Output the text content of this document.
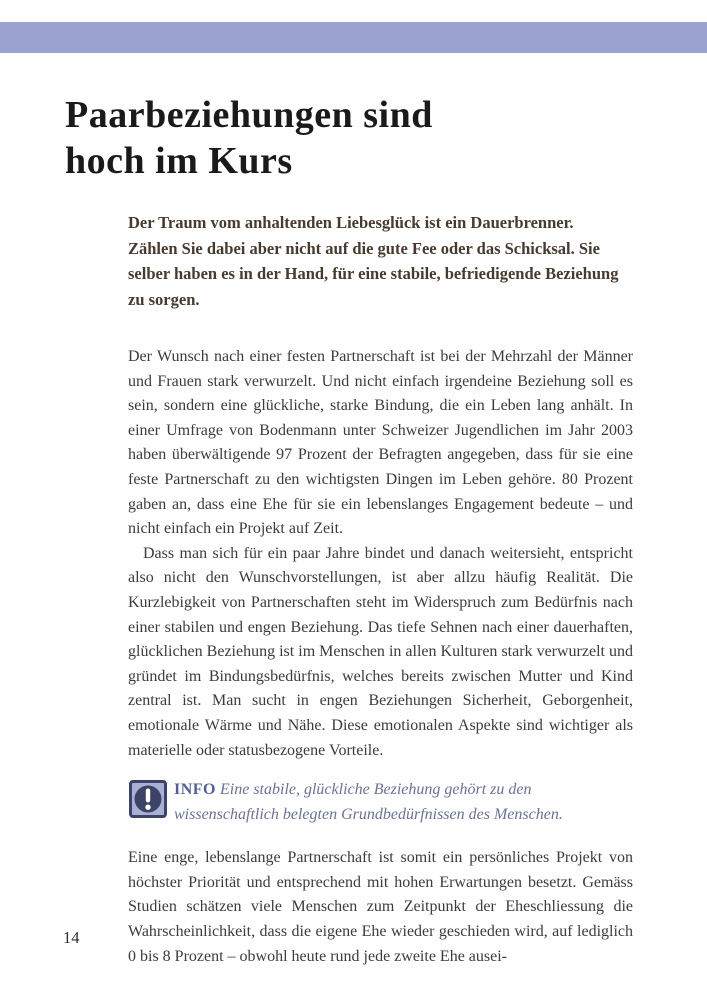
Paarbeziehungen sind
hoch im Kurs

Der Traum vom anhaltenden Liebesglück ist ein Dauerbrenner. Zählen Sie dabei aber nicht auf die gute Fee oder das Schicksal. Sie selber haben es in der Hand, für eine stabile, befriedigende Beziehung zu sorgen.

Der Wunsch nach einer festen Partnerschaft ist bei der Mehrzahl der Männer und Frauen stark verwurzelt. Und nicht einfach irgendeine Beziehung soll es sein, sondern eine glückliche, starke Bindung, die ein Leben lang anhält. In einer Umfrage von Bodenmann unter Schweizer Jugendlichen im Jahr 2003 haben überwältigende 97 Prozent der Befragten angegeben, dass für sie eine feste Partnerschaft zu den wichtigsten Dingen im Leben gehöre. 80 Prozent gaben an, dass eine Ehe für sie ein lebenslanges Engagement bedeute – und nicht einfach ein Projekt auf Zeit.

Dass man sich für ein paar Jahre bindet und danach weitersieht, entspricht also nicht den Wunschvorstellungen, ist aber allzu häufig Realität. Die Kurzlebigkeit von Partnerschaften steht im Widerspruch zum Bedürfnis nach einer stabilen und engen Beziehung. Das tiefe Sehnen nach einer dauerhaften, glücklichen Beziehung ist im Menschen in allen Kulturen stark verwurzelt und gründet im Bindungsbedürfnis, welches bereits zwischen Mutter und Kind zentral ist. Man sucht in engen Beziehungen Sicherheit, Geborgenheit, emotionale Wärme und Nähe. Diese emotionalen Aspekte sind wichtiger als materielle oder statusbezogene Vorteile.

INFO Eine stabile, glückliche Beziehung gehört zu den wissenschaftlich belegten Grundbedürfnissen des Menschen.

Eine enge, lebenslange Partnerschaft ist somit ein persönliches Projekt von höchster Priorität und entsprechend mit hohen Erwartungen besetzt. Gemäss Studien schätzen viele Menschen zum Zeitpunkt der Eheschliessung die Wahrscheinlichkeit, dass die eigene Ehe wieder geschieden wird, auf lediglich 0 bis 8 Prozent – obwohl heute rund jede zweite Ehe ausei-

14
